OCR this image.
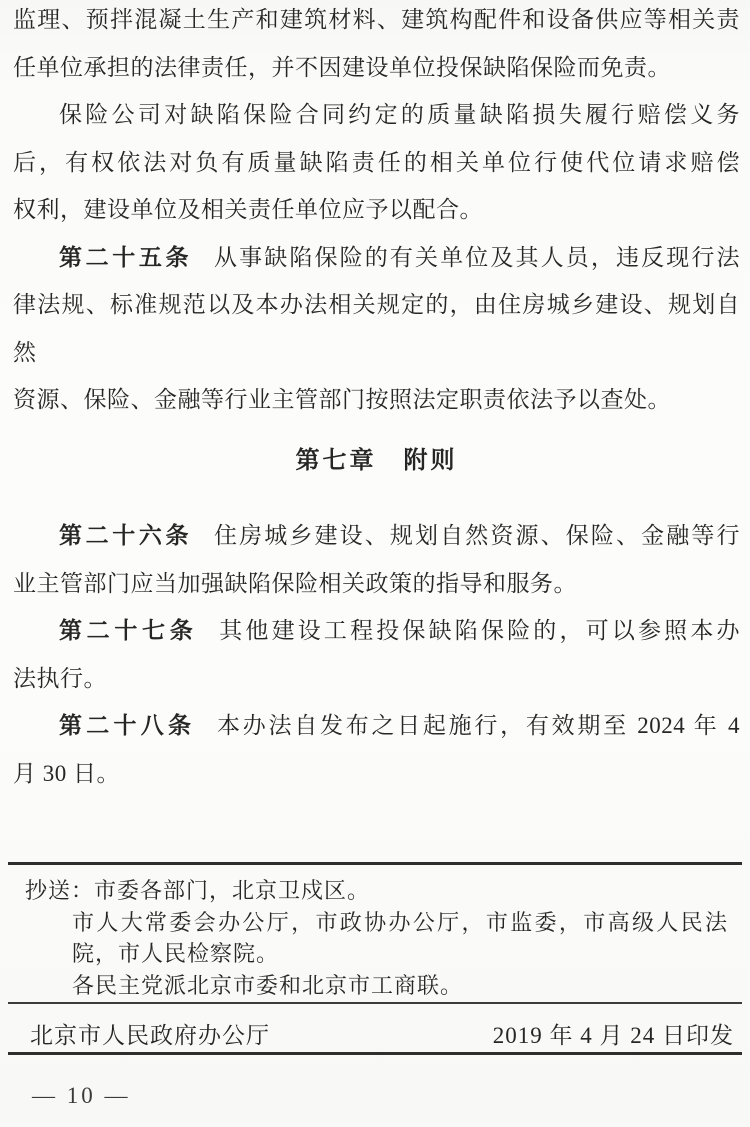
监理、预拌混凝土生产和建筑材料、建筑构配件和设备供应等相关责
任单位承担的法律责任，并不因建设单位投保缺陷保险而免责。
保险公司对缺陷保险合同约定的质量缺陷损失履行赔偿义务
后，有权依法对负有质量缺陷责任的相关单位行使代位请求赔偿
权利，建设单位及相关责任单位应予以配合。
第二十五条 从事缺陷保险的有关单位及其人员，违反现行法
律法规、标准规范以及本办法相关规定的，由住房城乡建设、规划自然
资源、保险、金融等行业主管部门按照法定职责依法予以查处。
第七章　附则
第二十六条 住房城乡建设、规划自然资源、保险、金融等行
业主管部门应当加强缺陷保险相关政策的指导和服务。
第二十七条 其他建设工程投保缺陷保险的，可以参照本办
法执行。
第二十八条 本办法自发布之日起施行，有效期至 2024 年 4
月 30 日。
抄送：市委各部门，北京卫戍区。
市人大常委会办公厅，市政协办公厅，市监委，市高级人民法
院，市人民检察院。
各民主党派北京市委和北京市工商联。
北京市人民政府办公厅	2019 年 4 月 24 日印发
— 10 —
